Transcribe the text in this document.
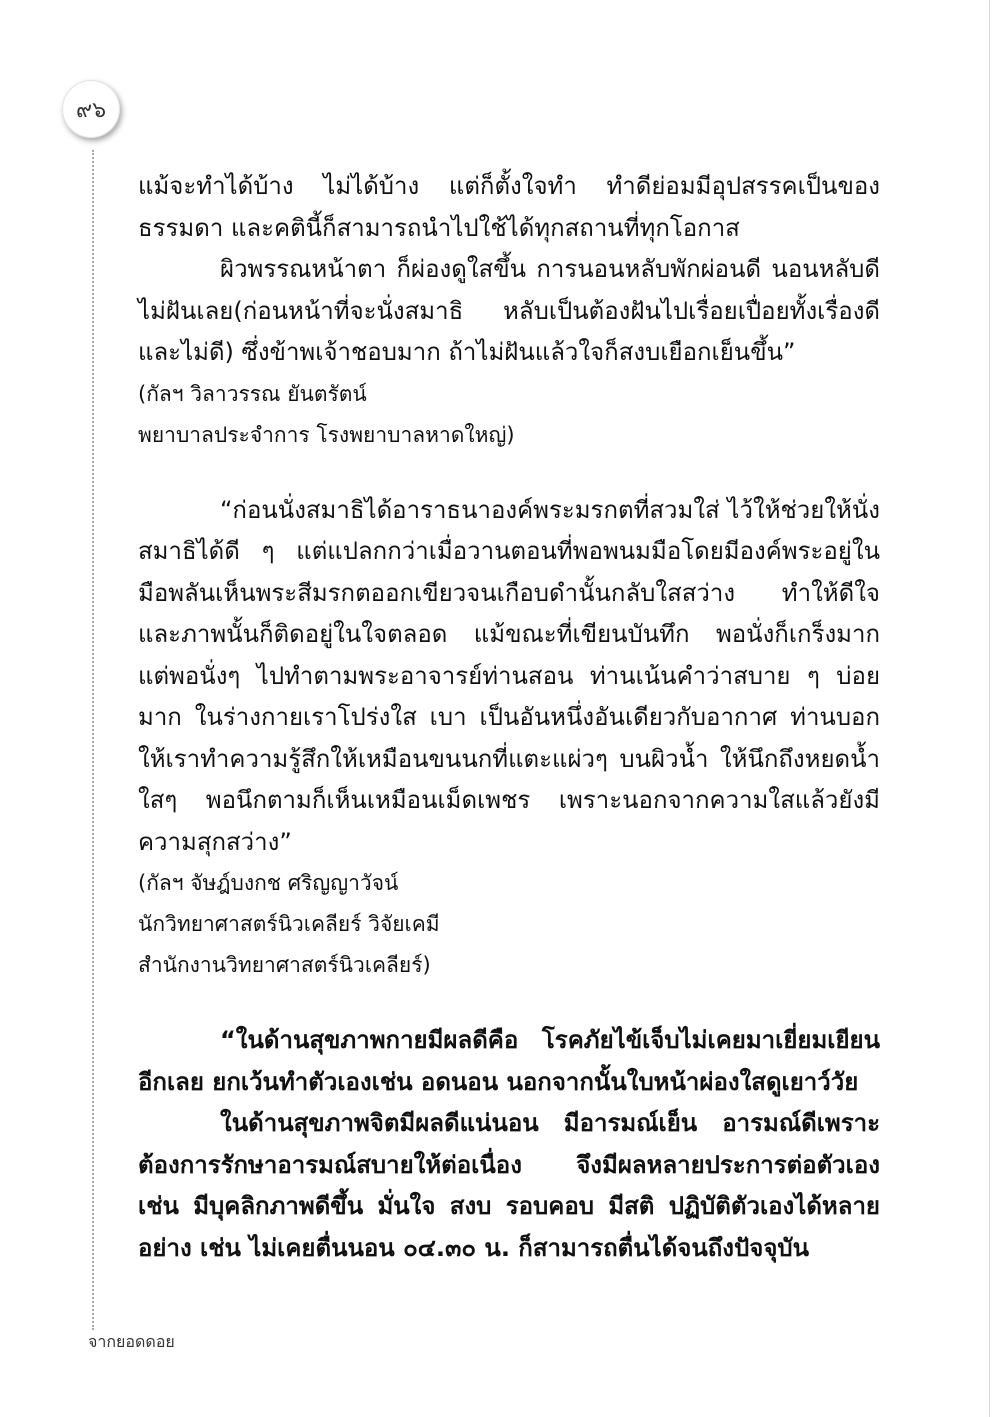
๙๖

แม้จะทำได้บ้าง ไม่ได้บ้าง แต่ก็ตั้งใจทำ ทำดีย่อมมีอุปสรรคเป็นของธรรมดา และคตินี้ก็สามารถนำไปใช้ได้ทุกสถานที่ทุกโอกาส

ผิวพรรณหน้าตา ก็ผ่องดูใสขึ้น การนอนหลับพักผ่อนดี นอนหลับดีไม่ฝันเลย(ก่อนหน้าที่จะนั่งสมาธิ หลับเป็นต้องฝันไปเรื่อยเปื่อยทั้งเรื่องดีและไม่ดี) ซึ่งข้าพเจ้าชอบมาก ถ้าไม่ฝันแล้วใจก็สงบเยือกเย็นขึ้น”

(กัลฯ วิลาวรรณ ยันตรัตน์

พยาบาลประจำการ โรงพยาบาลหาดใหญ่)

“ก่อนนั่งสมาธิได้อาราธนาองค์พระมรกตที่สวมใส่ ไว้ให้ช่วยให้นั่งสมาธิได้ดี ๆ แต่แปลกกว่าเมื่อวานตอนที่พอพนมมือโดยมีองค์พระอยู่ในมือพลันเห็นพระสีมรกตออกเขียวจนเกือบดำนั้นกลับใสสว่าง ทำให้ดีใจและภาพนั้นก็ติดอยู่ในใจตลอด แม้ขณะที่เขียนบันทึก พอนั่งก็เกร็งมาก แต่พอนั่งๆ ไปทำตามพระอาจารย์ท่านสอน ท่านเน้นคำว่าสบาย ๆ บ่อยมาก ในร่างกายเราโปร่งใส เบา เป็นอันหนึ่งอันเดียวกับอากาศ ท่านบอกให้เราทำความรู้สึกให้เหมือนขนนกที่แตะแผ่วๆ บนผิวน้ำ ให้นึกถึงหยดน้ำใสๆ พอนึกตามก็เห็นเหมือนเม็ดเพชร เพราะนอกจากความใสแล้วยังมีความสุกสว่าง”

(กัลฯ จัษฎ์บงกช ศริญญาวัจน์

นักวิทยาศาสตร์นิวเคลียร์ วิจัยเคมี

สำนักงานวิทยาศาสตร์นิวเคลียร์)

“ในด้านสุขภาพกายมีผลดีคือ โรคภัยไข้เจ็บไม่เคยมาเยี่ยมเยียนอีกเลย ยกเว้นทำตัวเองเช่น อดนอน นอกจากนั้นใบหน้าผ่องใสดูเยาว์วัย

ในด้านสุขภาพจิตมีผลดีแน่นอน มีอารมณ์เย็น อารมณ์ดีเพราะต้องการรักษาอารมณ์สบายให้ต่อเนื่อง จึงมีผลหลายประการต่อตัวเอง เช่น มีบุคลิกภาพดีขึ้น มั่นใจ สงบ รอบคอบ มีสติ ปฏิบัติตัวเองได้หลายอย่าง เช่น ไม่เคยตื่นนอน ๐๔.๓๐ น. ก็สามารถตื่นได้จนถึงปัจจุบัน

จากยอดดอย
